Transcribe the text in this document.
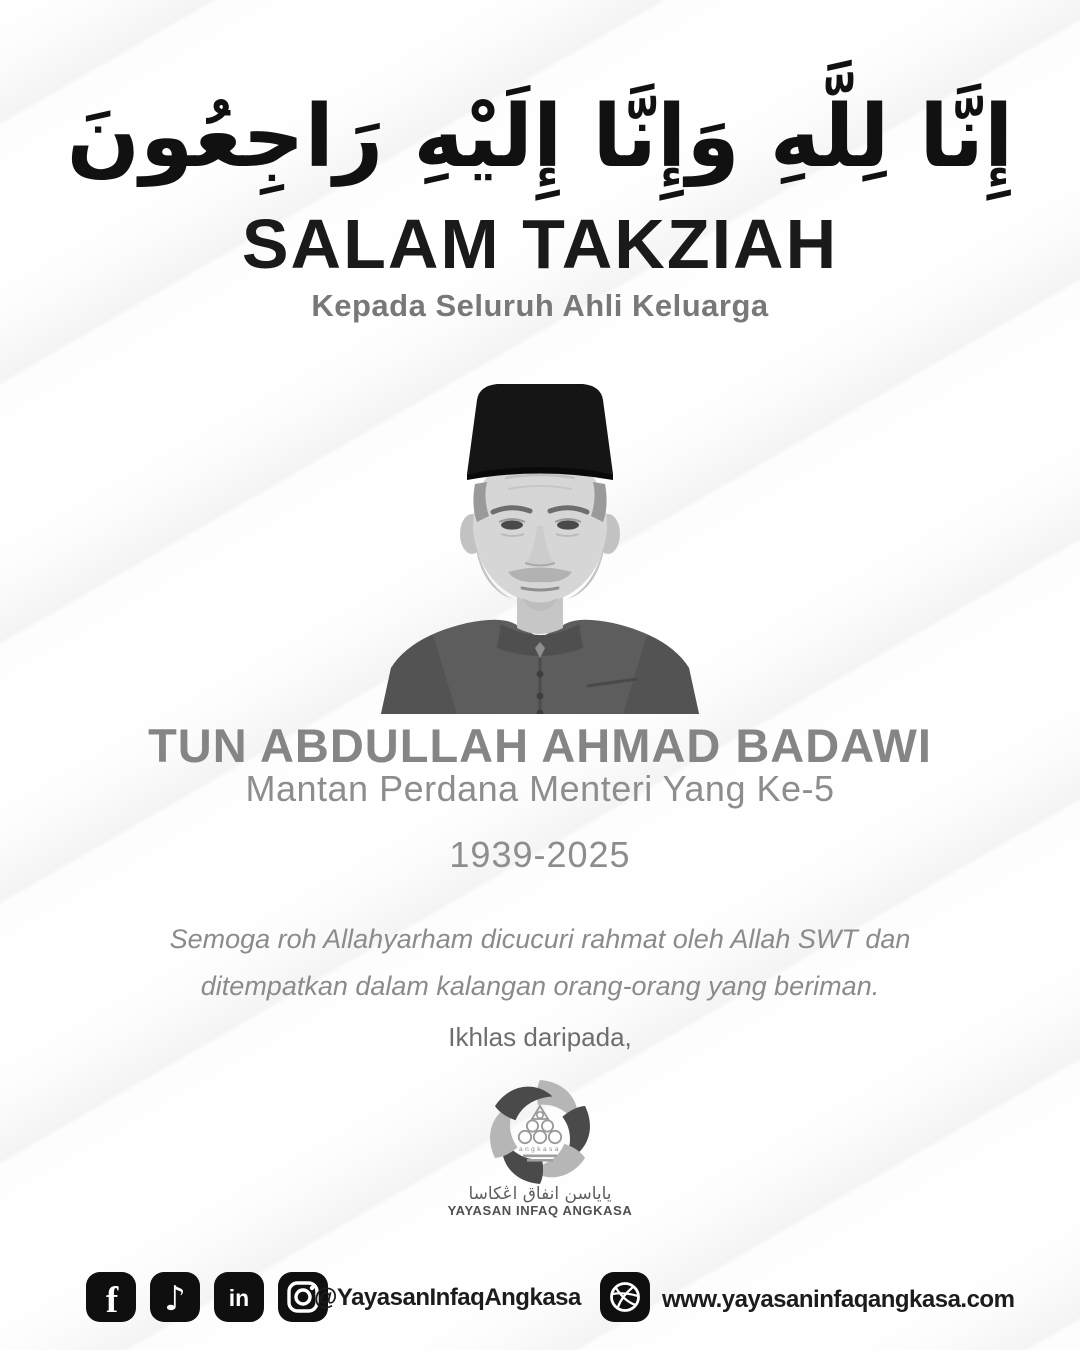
إِنَّا لِلَّهِ وَإِنَّا إِلَيْهِ رَاجِعُونَ
SALAM TAKZIAH
Kepada Seluruh Ahli Keluarga
TUN ABDULLAH AHMAD BADAWI
Mantan Perdana Menteri Yang Ke-5
1939-2025
Semoga roh Allahyarham dicucuri rahmat oleh Allah SWT dan
ditempatkan dalam kalangan orang-orang yang beriman.
Ikhlas daripada,
angkasa
ياياسن انفاق اڠكاسا
YAYASAN INFAQ ANGKASA
f ♪ in	@YayasanInfaqAngkasa	www.yayasaninfaqangkasa.com
